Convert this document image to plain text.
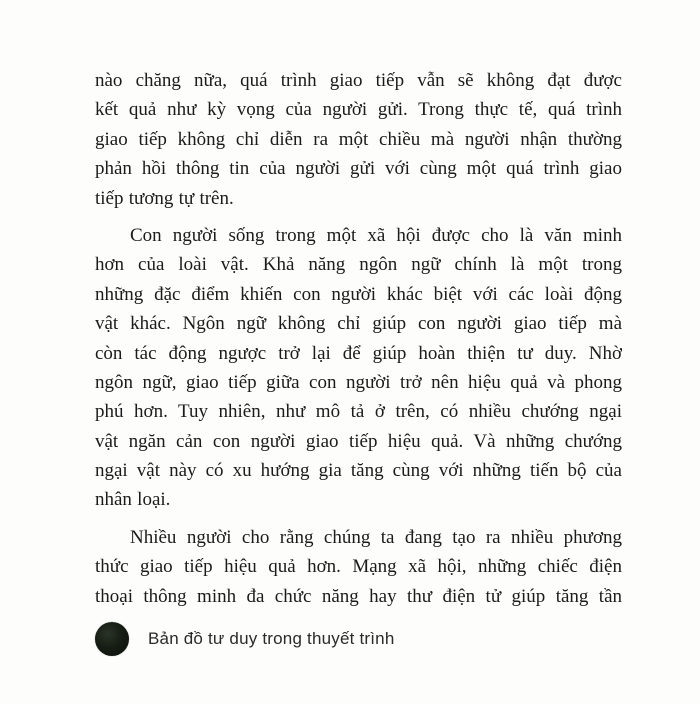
nào chăng nữa, quá trình giao tiếp vẫn sẽ không đạt được
kết quả như kỳ vọng của người gửi. Trong thực tế, quá trình
giao tiếp không chỉ diễn ra một chiều mà người nhận thường
phản hồi thông tin của người gửi với cùng một quá trình giao
tiếp tương tự trên.
Con người sống trong một xã hội được cho là văn minh
hơn của loài vật. Khả năng ngôn ngữ chính là một trong
những đặc điểm khiến con người khác biệt với các loài động
vật khác. Ngôn ngữ không chỉ giúp con người giao tiếp mà
còn tác động ngược trở lại để giúp hoàn thiện tư duy. Nhờ
ngôn ngữ, giao tiếp giữa con người trở nên hiệu quả và phong
phú hơn. Tuy nhiên, như mô tả ở trên, có nhiều chướng ngại
vật ngăn cản con người giao tiếp hiệu quả. Và những chướng
ngại vật này có xu hướng gia tăng cùng với những tiến bộ của
nhân loại.
Nhiều người cho rằng chúng ta đang tạo ra nhiều phương
thức giao tiếp hiệu quả hơn. Mạng xã hội, những chiếc điện
thoại thông minh đa chức năng hay thư điện tử giúp tăng tần
Bản đồ tư duy trong thuyết trình
